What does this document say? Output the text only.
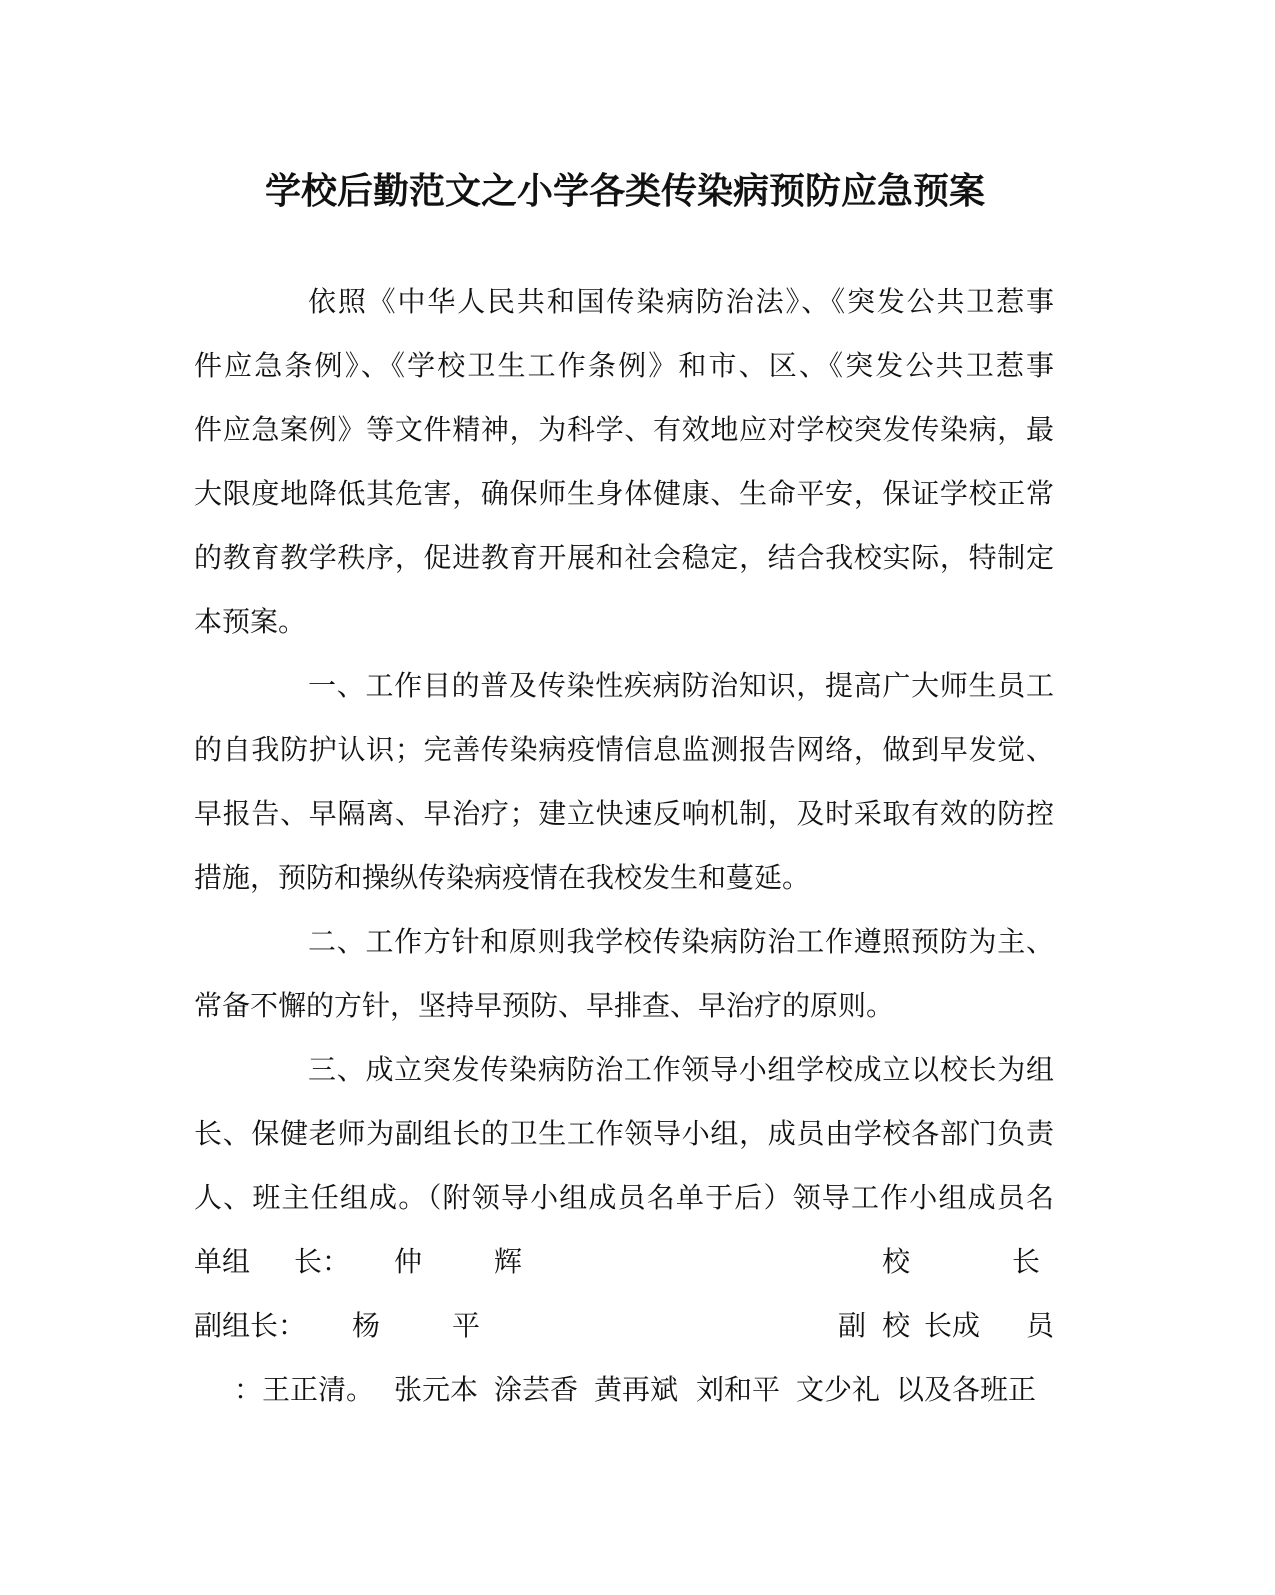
学校后勤范文之小学各类传染病预防应急预案
依照《中华人民共和国传染病防治法》、《突发公共卫惹事
件应急条例》、《学校卫生工作条例》和市、区、《突发公共卫惹事
件应急案例》等文件精神，为科学、有效地应对学校突发传染病，最
大限度地降低其危害，确保师生身体健康、生命平安，保证学校正常
的教育教学秩序，促进教育开展和社会稳定，结合我校实际，特制定
本预案。
一、工作目的普及传染性疾病防治知识，提高广大师生员工
的自我防护认识；完善传染病疫情信息监测报告网络，做到早发觉、
早报告、早隔离、早治疗；建立快速反响机制，及时采取有效的防控
措施，预防和操纵传染病疫情在我校发生和蔓延。
二、工作方针和原则我学校传染病防治工作遵照预防为主、
常备不懈的方针，坚持早预防、早排查、早治疗的原则。
三、成立突发传染病防治工作领导小组学校成立以校长为组
长、保健老师为副组长的卫生工作领导小组，成员由学校各部门负责
人、班主任组成。（附领导小组成员名单于后）领导工作小组成员名
单组 长： 仲	辉	校	长
副组长： 杨	平	副 校 长成 员
：王正清。 张元本 涂芸香 黄再斌 刘和平 文少礼 以及各班正
